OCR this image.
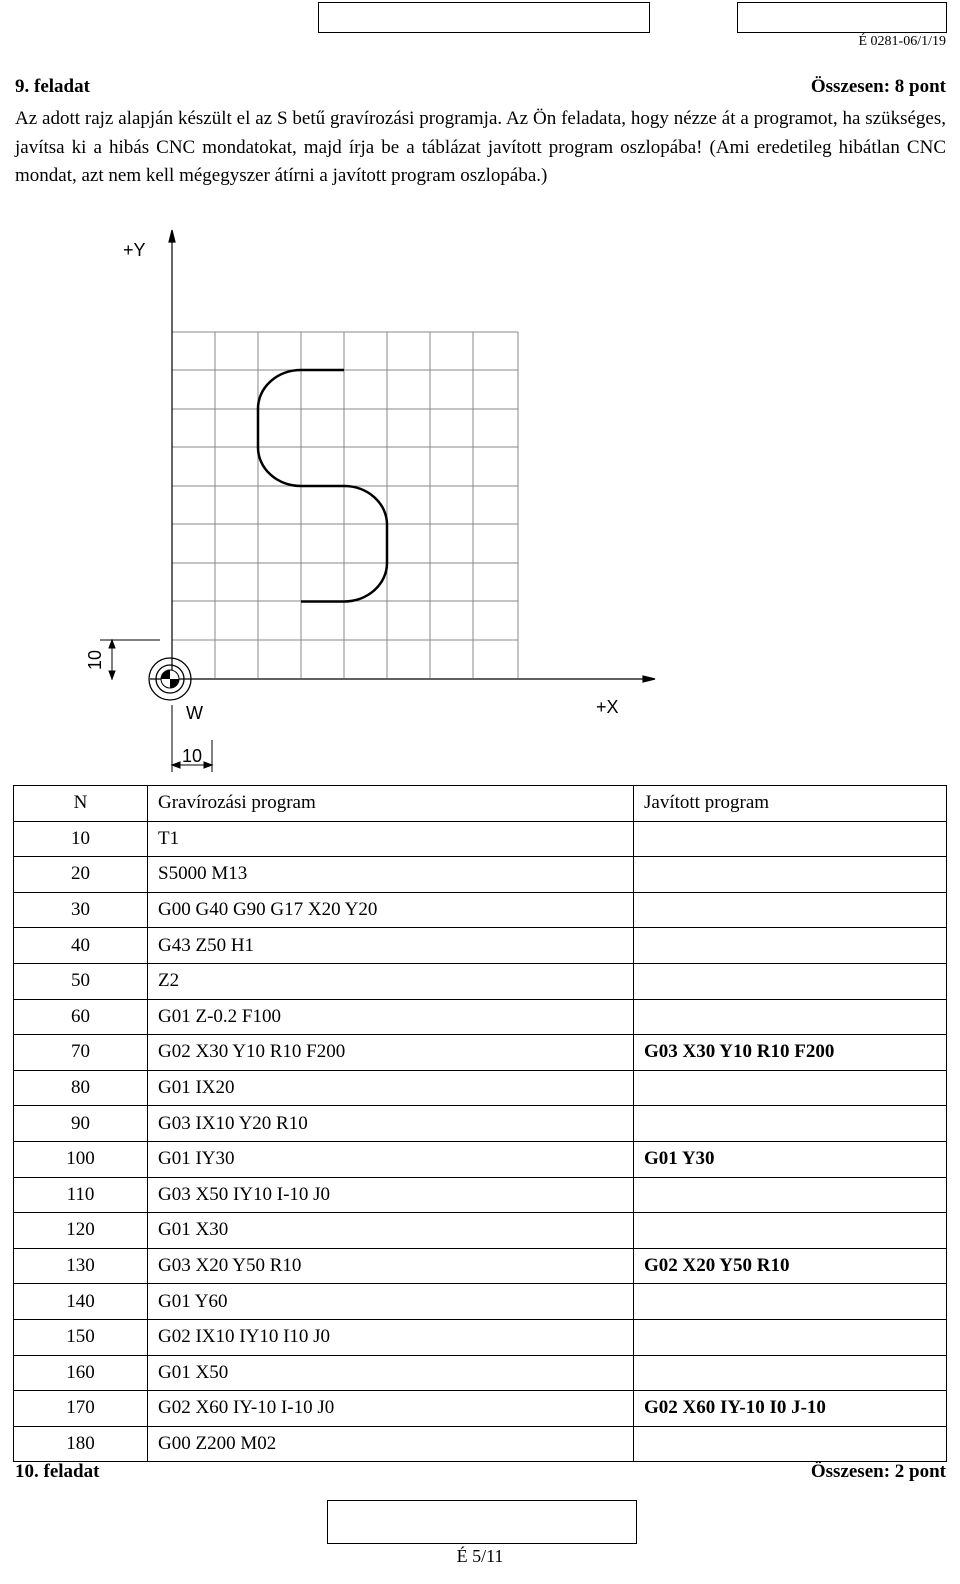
É 0281-06/1/19
9. feladat	Összesen: 8 pont

Az adott rajz alapján készült el az S betű gravírozási programja. Az Ön feladata, hogy nézze át a programot, ha szükséges, javítsa ki a hibás CNC mondatokat, majd írja be a táblázat javított program oszlopába! (Ami eredetileg hibátlan CNC mondat, azt nem kell mégegyszer átírni a javított program oszlopába.)

+Y
+X
W
10
10
N	Gravírozási program	Javított program
10	T1	
20	S5000 M13	
30	G00 G40 G90 G17 X20 Y20	
40	G43 Z50 H1	
50	Z2	
60	G01 Z-0.2 F100	
70	G02 X30 Y10 R10 F200	G03 X30 Y10 R10 F200
80	G01 IX20	
90	G03 IX10 Y20 R10	
100	G01 IY30	G01 Y30
110	G03 X50 IY10 I-10 J0	
120	G01 X30	
130	G03 X20 Y50 R10	G02 X20 Y50 R10
140	G01 Y60	
150	G02 IX10 IY10 I10 J0	
160	G01 X50	
170	G02 X60 IY-10 I-10 J0	G02 X60 IY-10 I0 J-10
180	G00 Z200 M02	
10. feladat	Összesen: 2 pont
É 5/11
